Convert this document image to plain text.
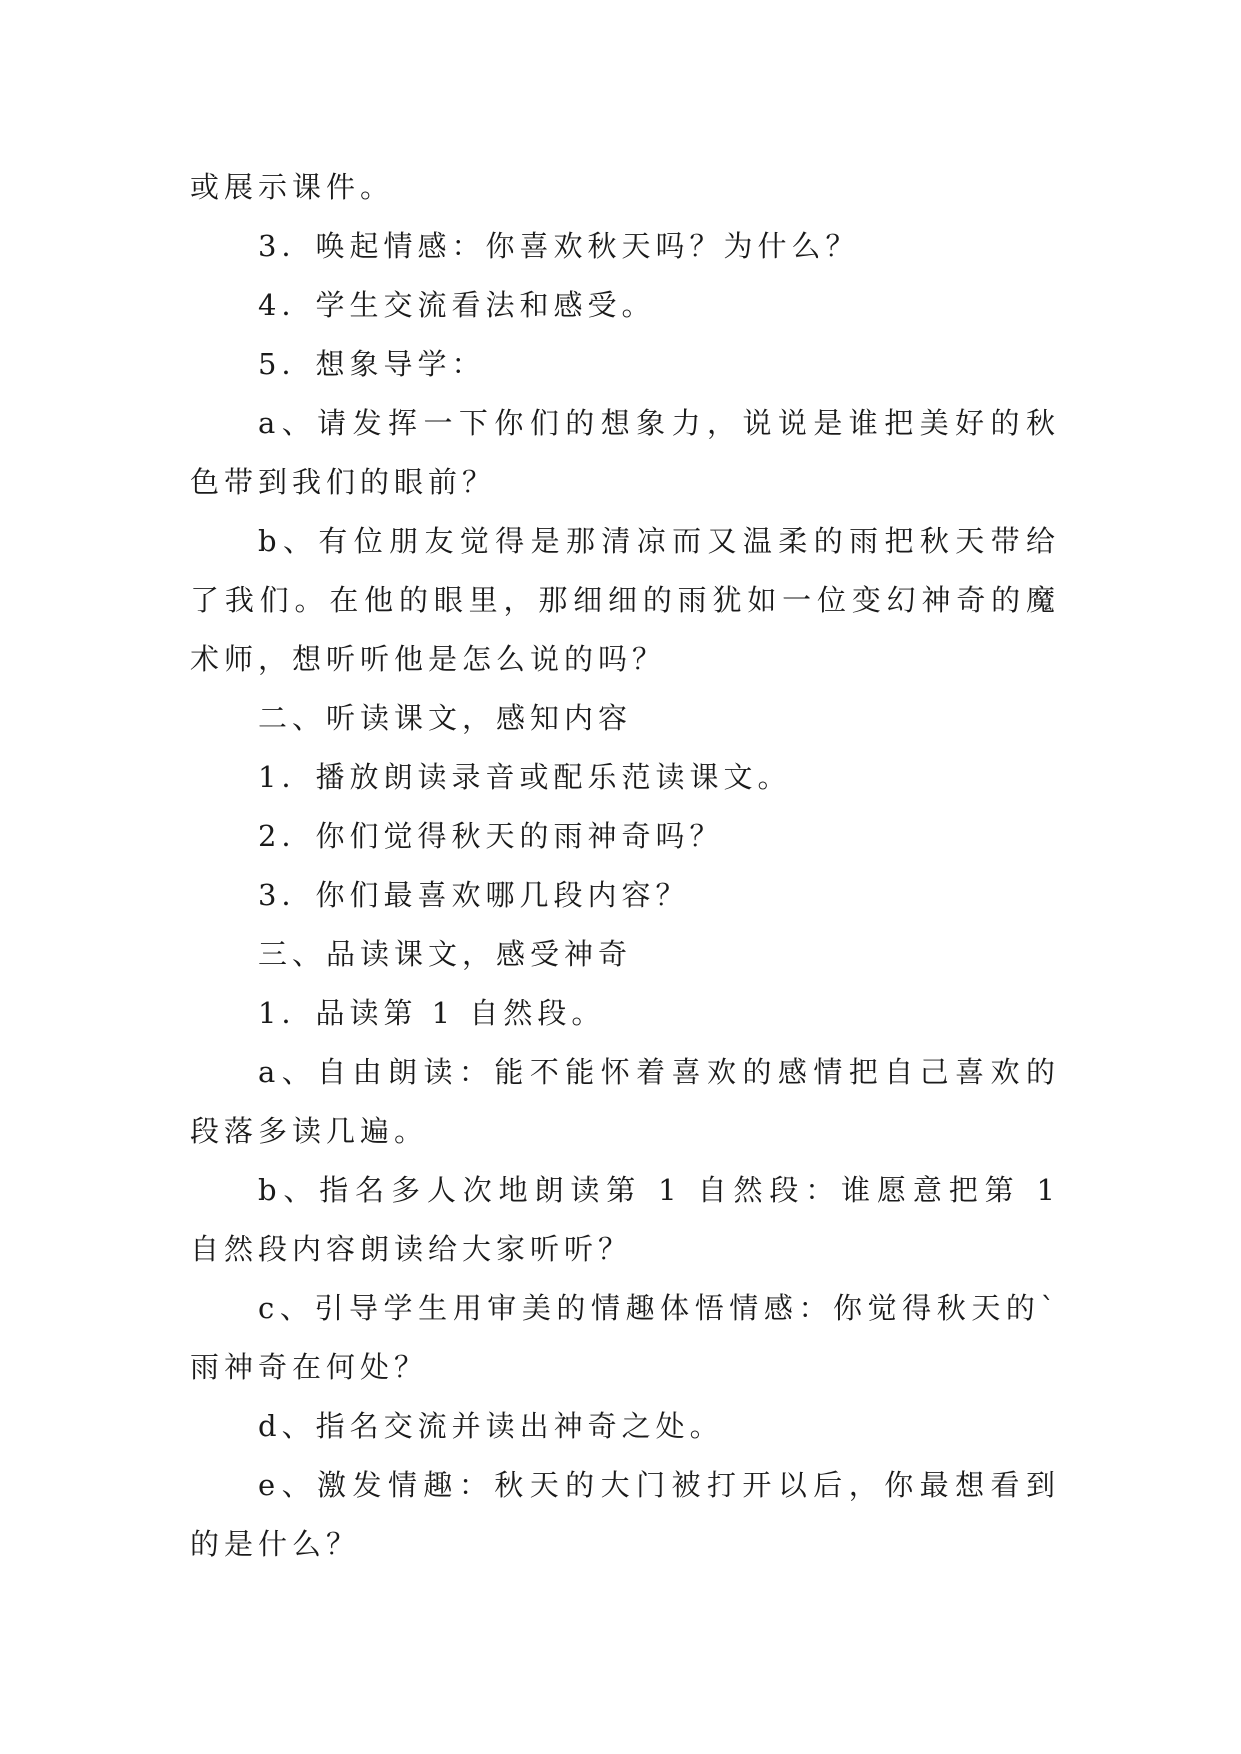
或展示课件。

3．唤起情感：你喜欢秋天吗？为什么？

4．学生交流看法和感受。

5．想象导学：

a、请发挥一下你们的想象力，说说是谁把美好的秋色带到我们的眼前？

b、有位朋友觉得是那清凉而又温柔的雨把秋天带给了我们。在他的眼里，那细细的雨犹如一位变幻神奇的魔术师，想听听他是怎么说的吗？

二、听读课文，感知内容

1．播放朗读录音或配乐范读课文。

2．你们觉得秋天的雨神奇吗？

3．你们最喜欢哪几段内容？

三、品读课文，感受神奇

1．品读第 1 自然段。

a、自由朗读：能不能怀着喜欢的感情把自己喜欢的段落多读几遍。

b、指名多人次地朗读第 1 自然段：谁愿意把第 1 自然段内容朗读给大家听听？

c、引导学生用审美的情趣体悟情感：你觉得秋天的`雨神奇在何处？

d、指名交流并读出神奇之处。

e、激发情趣：秋天的大门被打开以后，你最想看到的是什么？
